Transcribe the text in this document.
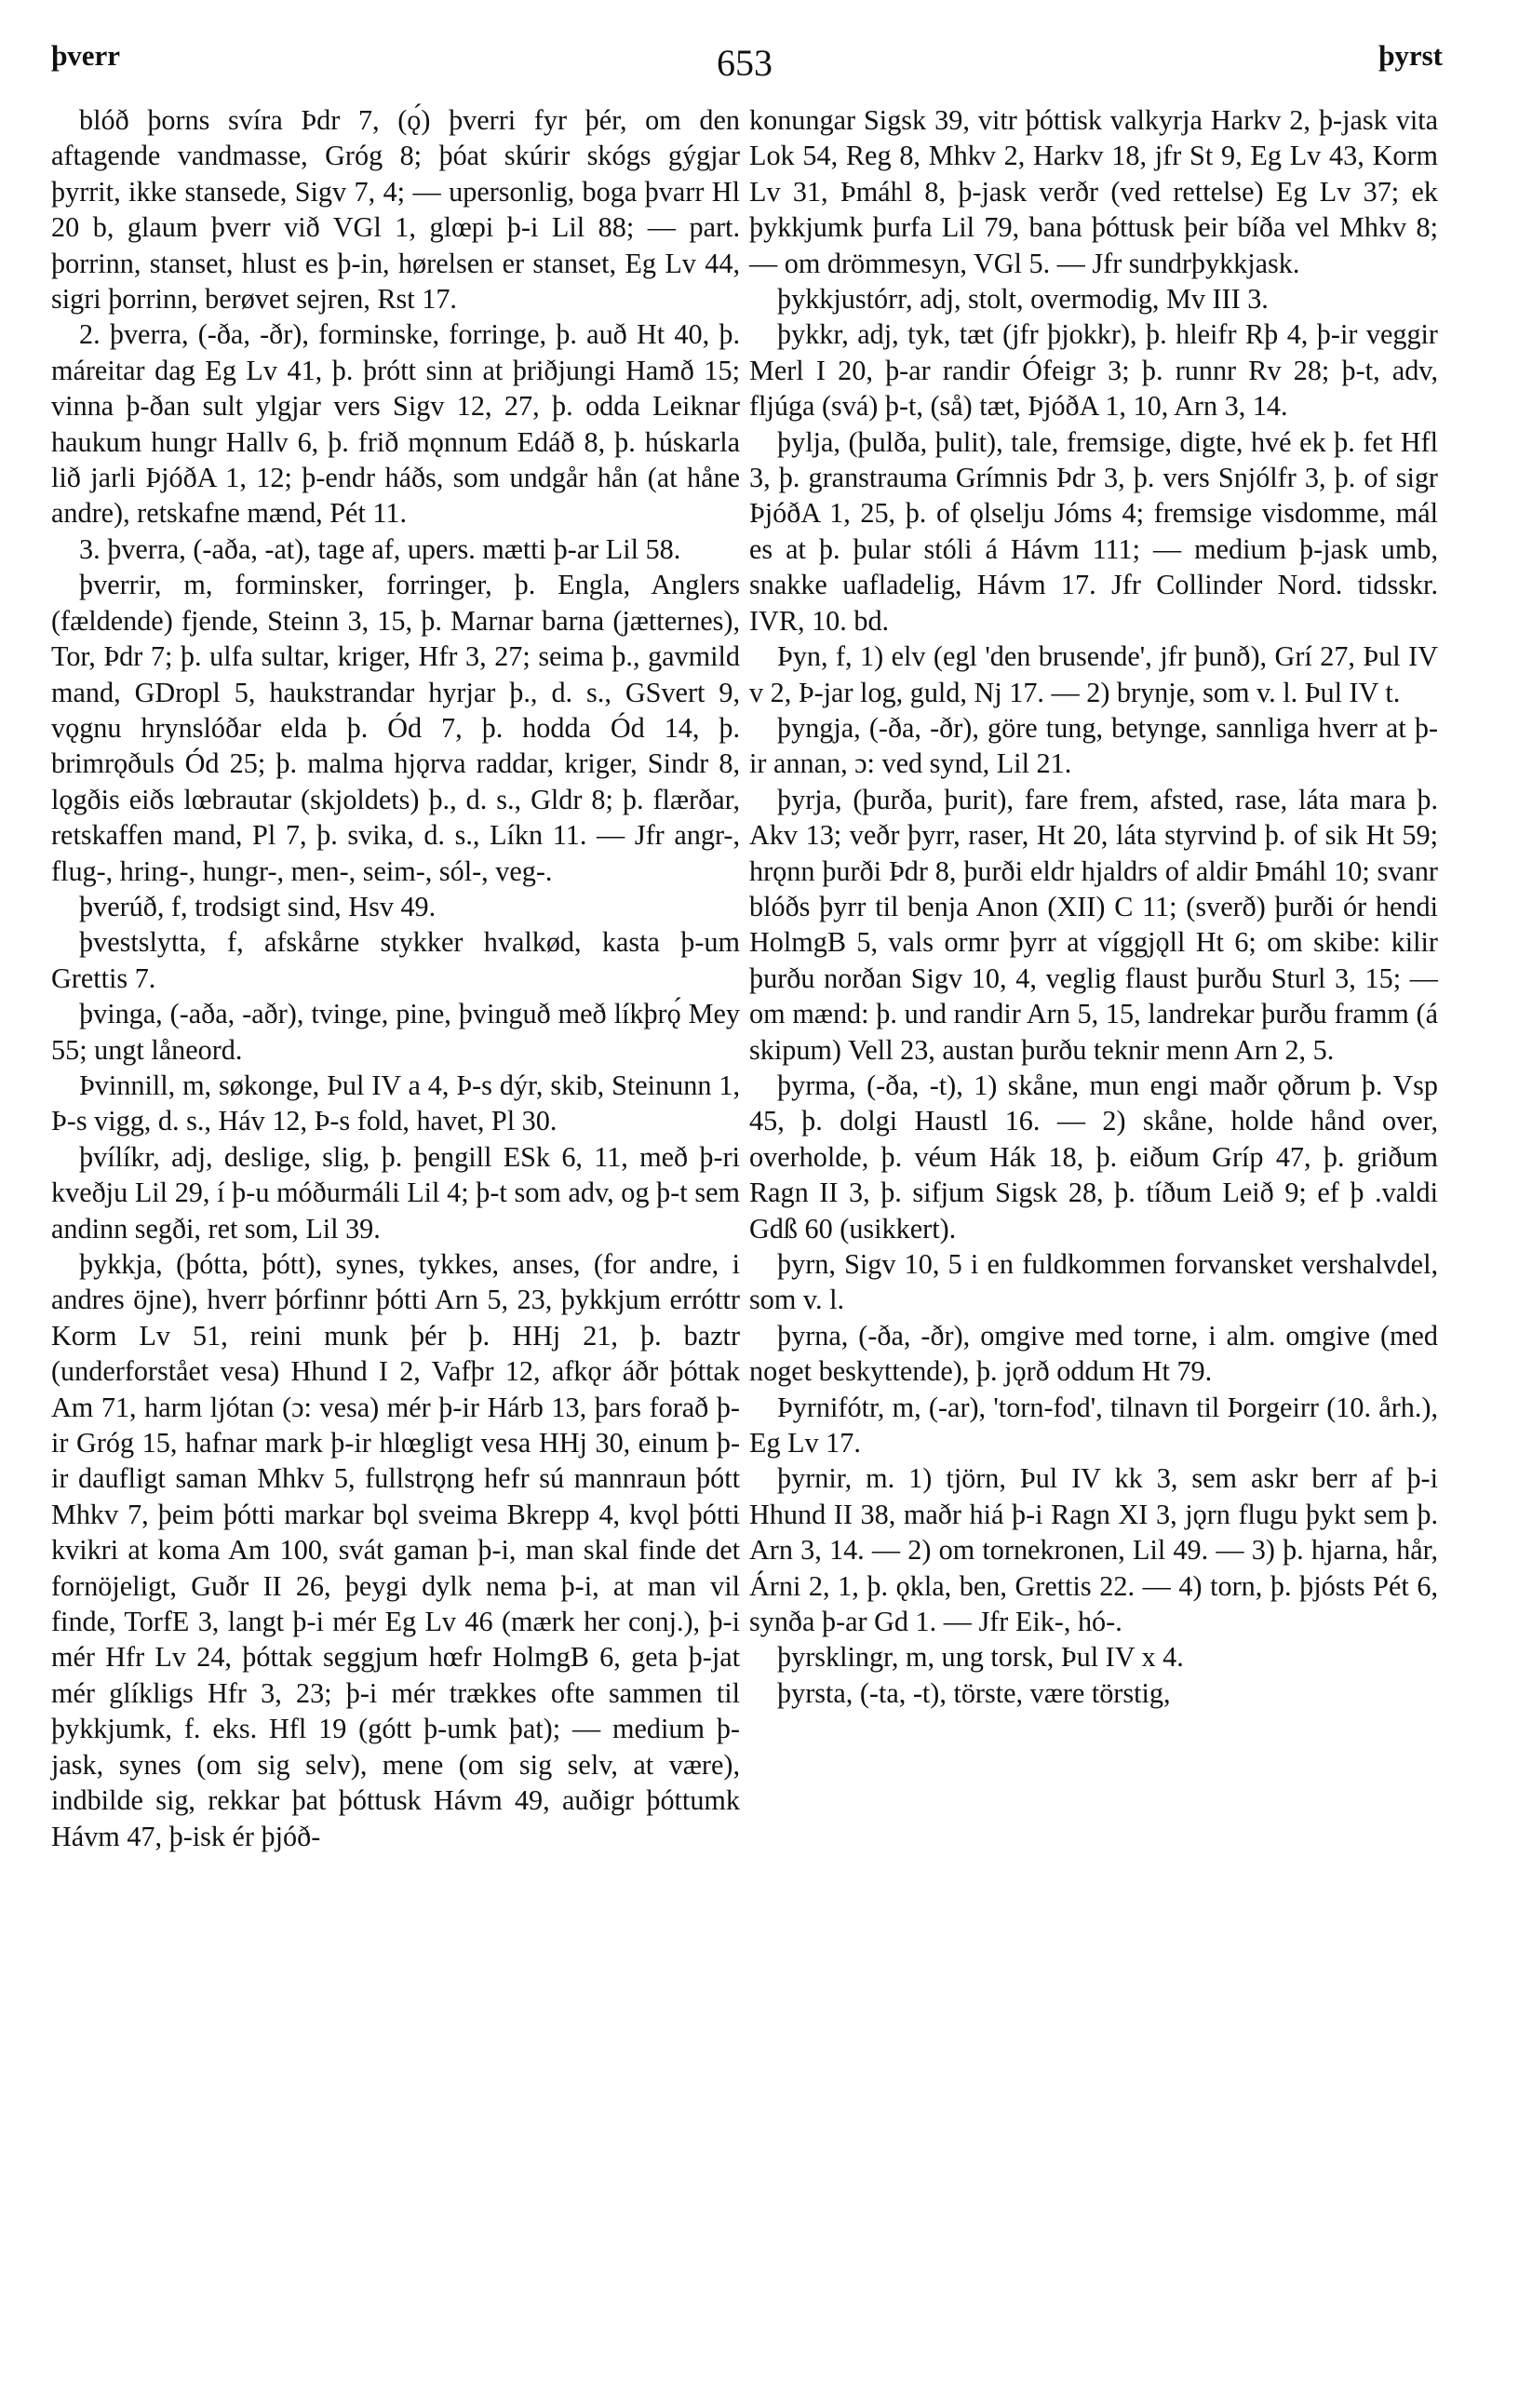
þverr	653	þyrst

blóð þorns svíra Þdr 7, (ǫ́) þverri fyr þér, om den aftagende vandmasse, Gróg 8; þóat skúrir skógs gýgjar þyrrit, ikke stansede, Sigv 7, 4; — upersonlig, boga þvarr Hl 20 b, glaum þverr við VGl 1, glœpi þ-i Lil 88; — part. þorrinn, stanset, hlust es þ-in, hørelsen er stanset, Eg Lv 44, sigri þorrinn, berøvet sejren, Rst 17.

2. þverra, (-ða, -ðr), forminske, forringe, þ. auð Ht 40, þ. máreitar dag Eg Lv 41, þ. þrótt sinn at þriðjungi Hamð 15; vinna þ-ðan sult ylgjar vers Sigv 12, 27, þ. odda Leiknar haukum hungr Hallv 6, þ. frið mǫnnum Edáð 8, þ. húskarla lið jarli ÞjóðA 1, 12; þ-endr háðs, som undgår hån (at håne andre), retskafne mænd, Pét 11.

3. þverra, (-aða, -at), tage af, upers. mætti þ-ar Lil 58.

þverrir, m, forminsker, forringer, þ. Engla, Anglers (fældende) fjende, Steinn 3, 15, þ. Marnar barna (jætternes), Tor, Þdr 7; þ. ulfa sultar, kriger, Hfr 3, 27; seima þ., gavmild mand, GDropl 5, haukstrandar hyrjar þ., d. s., GSvert 9, vǫgnu hrynslóðar elda þ. Ód 7, þ. hodda Ód 14, þ. brimrǫðuls Ód 25; þ. malma hjǫrva raddar, kriger, Sindr 8, lǫgðis eiðs lœbrautar (skjoldets) þ., d. s., Gldr 8; þ. flærðar, retskaffen mand, Pl 7, þ. svika, d. s., Líkn 11. — Jfr angr-, flug-, hring-, hungr-, men-, seim-, sól-, veg-.

þverúð, f, trodsigt sind, Hsv 49.

þvestslytta, f, afskårne stykker hvalkød, kasta þ-um Grettis 7.

þvinga, (-aða, -aðr), tvinge, pine, þvinguð með líkþrǫ́ Mey 55; ungt låneord.

Þvinnill, m, søkonge, Þul IV a 4, Þ-s dýr, skib, Steinunn 1, Þ-s vigg, d. s., Háv 12, Þ-s fold, havet, Pl 30.

þvílíkr, adj, deslige, slig, þ. þengill ESk 6, 11, með þ-ri kveðju Lil 29, í þ-u móðurmáli Lil 4; þ-t som adv, og þ-t sem andinn segði, ret som, Lil 39.

þykkja, (þótta, þótt), synes, tykkes, anses, (for andre, i andres öjne), hverr þórfinnr þótti Arn 5, 23, þykkjum erróttr Korm Lv 51, reini munk þér þ. HHj 21, þ. baztr (underforstået vesa) Hhund I 2, Vafþr 12, afkǫr áðr þóttak Am 71, harm ljótan (ɔ: vesa) mér þ-ir Hárb 13, þars forað þ-ir Gróg 15, hafnar mark þ-ir hlœgligt vesa HHj 30, einum þ-ir daufligt saman Mhkv 5, fullstrǫng hefr sú mannraun þótt Mhkv 7, þeim þótti markar bǫl sveima Bkrepp 4, kvǫl þótti kvikri at koma Am 100, svát gaman þ-i, man skal finde det fornöjeligt, Guðr II 26, þeygi dylk nema þ-i, at man vil finde, TorfE 3, langt þ-i mér Eg Lv 46 (mærk her conj.), þ-i mér Hfr Lv 24, þóttak seggjum hœfr HolmgB 6, geta þ-jat mér glíkligs Hfr 3, 23; þ-i mér trækkes ofte sammen til þykkjumk, f. eks. Hfl 19 (gótt þ-umk þat); — medium þ-jask, synes (om sig selv), mene (om sig selv, at være), indbilde sig, rekkar þat þóttusk Hávm 49, auðigr þóttumk Hávm 47, þ-isk ér þjóð-

konungar Sigsk 39, vitr þóttisk valkyrja Harkv 2, þ-jask vita Lok 54, Reg 8, Mhkv 2, Harkv 18, jfr St 9, Eg Lv 43, Korm Lv 31, Þmáhl 8, þ-jask verðr (ved rettelse) Eg Lv 37; ek þykkjumk þurfa Lil 79, bana þóttusk þeir bíða vel Mhkv 8; — om drömmesyn, VGl 5. — Jfr sundrþykkjask.

þykkjustórr, adj, stolt, overmodig, Mv III 3.

þykkr, adj, tyk, tæt (jfr þjokkr), þ. hleifr Rþ 4, þ-ir veggir Merl I 20, þ-ar randir Ófeigr 3; þ. runnr Rv 28; þ-t, adv, fljúga (svá) þ-t, (så) tæt, ÞjóðA 1, 10, Arn 3, 14.

þylja, (þulða, þulit), tale, fremsige, digte, hvé ek þ. fet Hfl 3, þ. granstrauma Grímnis Þdr 3, þ. vers Snjólfr 3, þ. of sigr ÞjóðA 1, 25, þ. of ǫlselju Jóms 4; fremsige visdomme, mál es at þ. þular stóli á Hávm 111; — medium þ-jask umb, snakke uafladelig, Hávm 17. Jfr Collinder Nord. tidsskr. IVR, 10. bd.

Þyn, f, 1) elv (egl 'den brusende', jfr þunð), Grí 27, Þul IV v 2, Þ-jar log, guld, Nj 17. — 2) brynje, som v. l. Þul IV t.

þyngja, (-ða, -ðr), göre tung, betynge, sannliga hverr at þ-ir annan, ɔ: ved synd, Lil 21.

þyrja, (þurða, þurit), fare frem, afsted, rase, láta mara þ. Akv 13; veðr þyrr, raser, Ht 20, láta styrvind þ. of sik Ht 59; hrǫnn þurði Þdr 8, þurði eldr hjaldrs of aldir Þmáhl 10; svanr blóðs þyrr til benja Anon (XII) C 11; (sverð) þurði ór hendi HolmgB 5, vals ormr þyrr at víggjǫll Ht 6; om skibe: kilir þurðu norðan Sigv 10, 4, veglig flaust þurðu Sturl 3, 15; — om mænd: þ. und randir Arn 5, 15, landrekar þurðu framm (á skipum) Vell 23, austan þurðu teknir menn Arn 2, 5.

þyrma, (-ða, -t), 1) skåne, mun engi maðr ǫðrum þ. Vsp 45, þ. dolgi Haustl 16. — 2) skåne, holde hånd over, overholde, þ. véum Hák 18, þ. eiðum Gríp 47, þ. griðum Ragn II 3, þ. sifjum Sigsk 28, þ. tíðum Leið 9; ef þ .valdi Gdß 60 (usikkert).

þyrn, Sigv 10, 5 i en fuldkommen forvansket vershalvdel, som v. l.

þyrna, (-ða, -ðr), omgive med torne, i alm. omgive (med noget beskyttende), þ. jǫrð oddum Ht 79.

Þyrnifótr, m, (-ar), 'torn-fod', tilnavn til Þorgeirr (10. årh.), Eg Lv 17.

þyrnir, m. 1) tjörn, Þul IV kk 3, sem askr berr af þ-i Hhund II 38, maðr hiá þ-i Ragn XI 3, jǫrn flugu þykt sem þ. Arn 3, 14. — 2) om tornekronen, Lil 49. — 3) þ. hjarna, hår, Árni 2, 1, þ. ǫkla, ben, Grettis 22. — 4) torn, þ. þjósts Pét 6, synða þ-ar Gd 1. — Jfr Eik-, hó-.

þyrsklingr, m, ung torsk, Þul IV x 4.

þyrsta, (-ta, -t), törste, være törstig,
